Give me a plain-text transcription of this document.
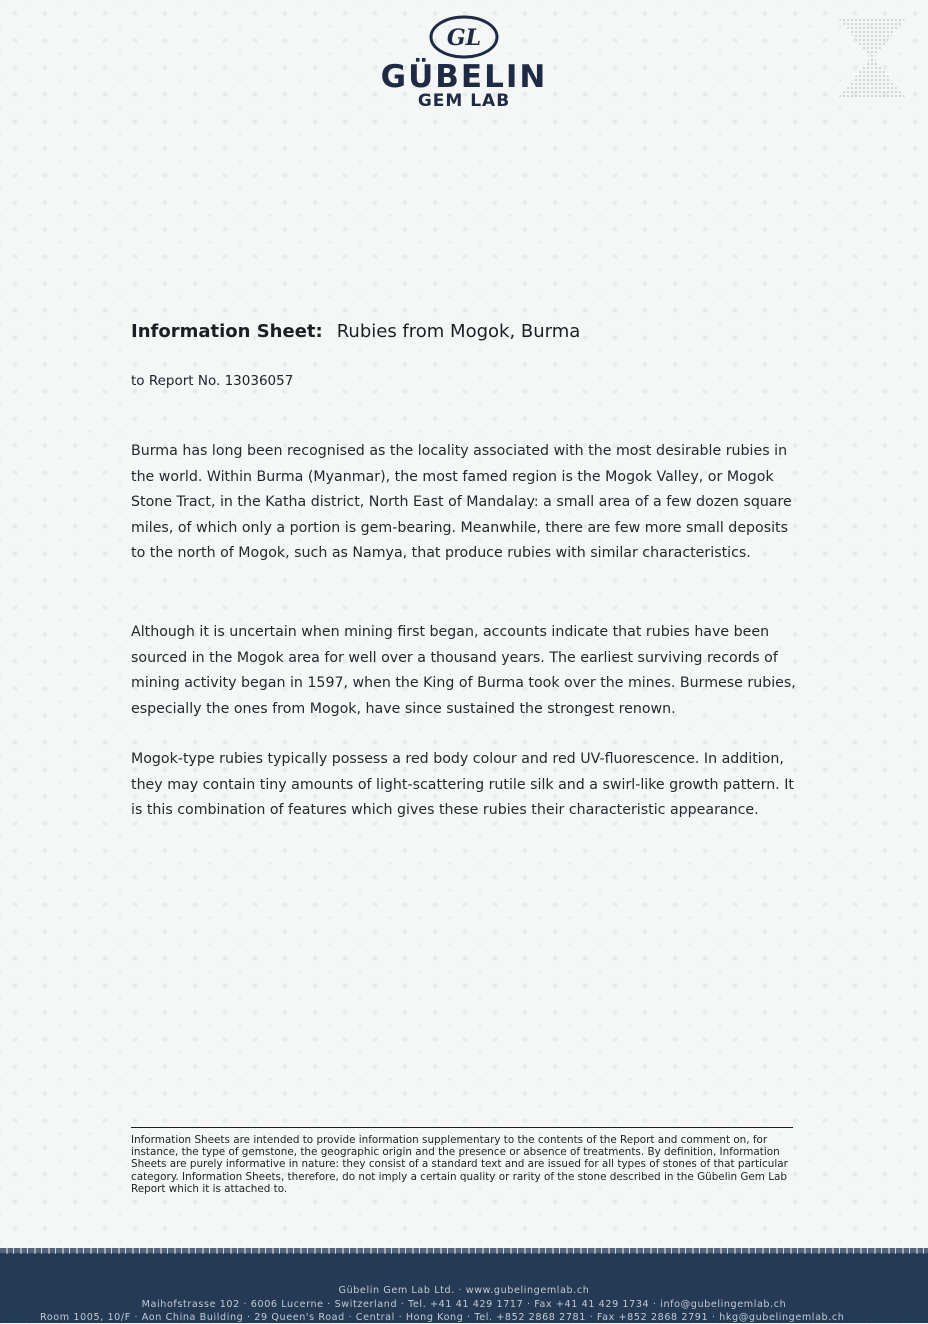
GL
GÜBELIN
GEM LAB
Information Sheet: Rubies from Mogok, Burma
to Report No. 13036057

Burma has long been recognised as the locality associated with the most desirable rubies in the world. Within Burma (Myanmar), the most famed region is the Mogok Valley, or Mogok Stone Tract, in the Katha district, North East of Mandalay: a small area of a few dozen square miles, of which only a portion is gem-bearing. Meanwhile, there are few more small deposits to the north of Mogok, such as Namya, that produce rubies with similar characteristics.

Although it is uncertain when mining first began, accounts indicate that rubies have been sourced in the Mogok area for well over a thousand years. The earliest surviving records of mining activity began in 1597, when the King of Burma took over the mines. Burmese rubies, especially the ones from Mogok, have since sustained the strongest renown.

Mogok-type rubies typically possess a red body colour and red UV-fluorescence. In addition, they may contain tiny amounts of light-scattering rutile silk and a swirl-like growth pattern. It is this combination of features which gives these rubies their characteristic appearance.

Information Sheets are intended to provide information supplementary to the contents of the Report and comment on, for instance, the type of gemstone, the geographic origin and the presence or absence of treatments. By definition, Information Sheets are purely informative in nature: they consist of a standard text and are issued for all types of stones of that particular category. Information Sheets, therefore, do not imply a certain quality or rarity of the stone described in the Gübelin Gem Lab Report which it is attached to.

Gübelin Gem Lab Ltd. · www.gubelingemlab.ch
Maihofstrasse 102 · 6006 Lucerne · Switzerland · Tel. +41 41 429 1717 · Fax +41 41 429 1734 · info@gubelingemlab.ch
Room 1005, 10/F · Aon China Building · 29 Queen's Road · Central · Hong Kong · Tel. +852 2868 2781 · Fax +852 2868 2791 · hkg@gubelingemlab.ch
